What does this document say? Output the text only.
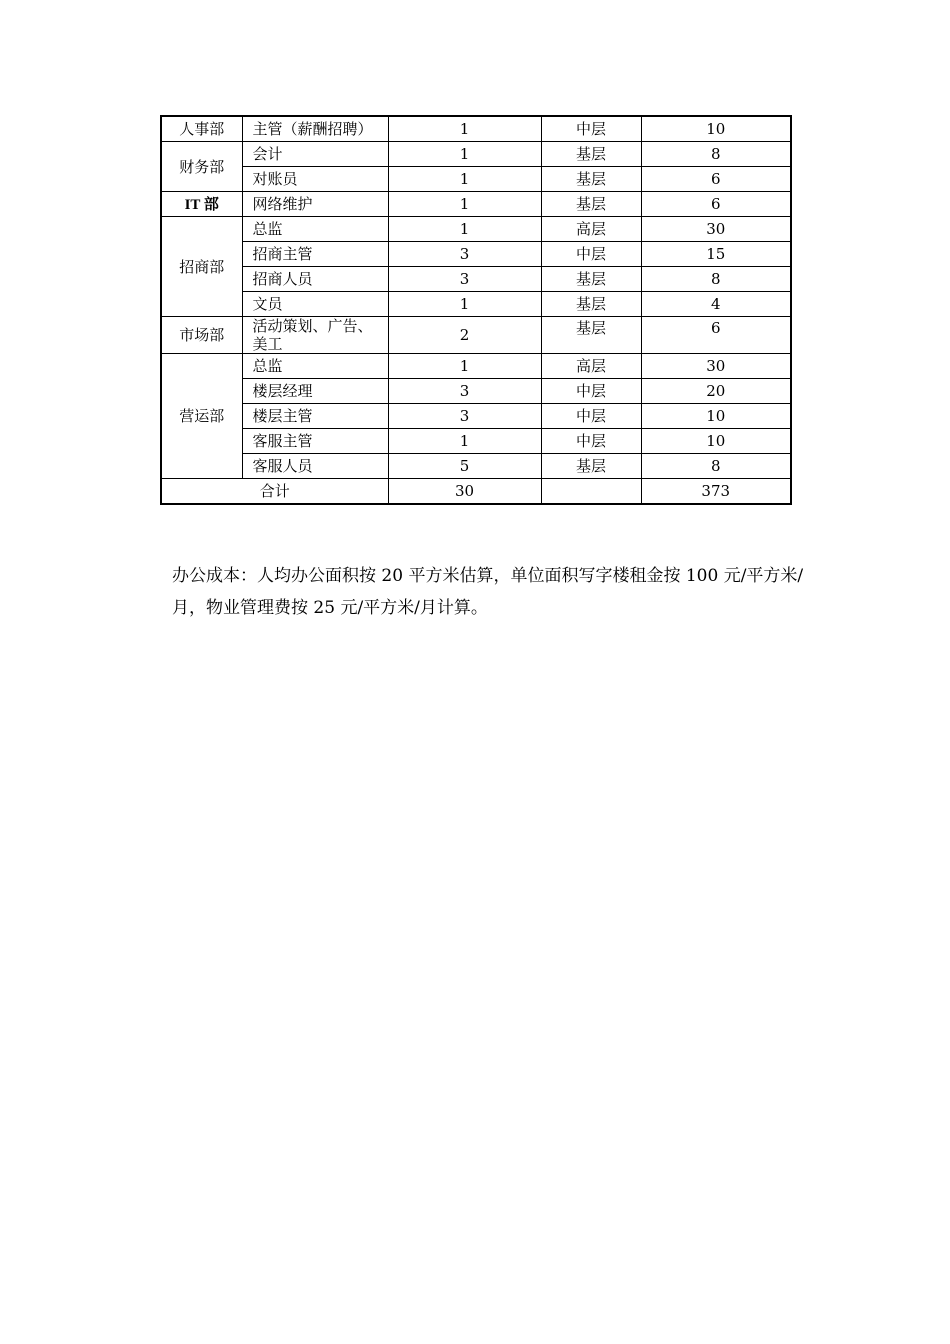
人事部	主管（薪酬招聘）	1	中层	10
财务部	会计	1	基层	8
	对账员	1	基层	6
IT 部	网络维护	1	基层	6
招商部	总监	1	高层	30
	招商主管	3	中层	15
	招商人员	3	基层	8
	文员	1	基层	4
市场部	活动策划、广告、美工	2	基层	6
营运部	总监	1	高层	30
	楼层经理	3	中层	20
	楼层主管	3	中层	10
	客服主管	1	中层	10
	客服人员	5	基层	8
合计		30		373

办公成本：人均办公面积按 20 平方米估算，单位面积写字楼租金按 100 元/平方米/月，物业管理费按 25 元/平方米/月计算。
